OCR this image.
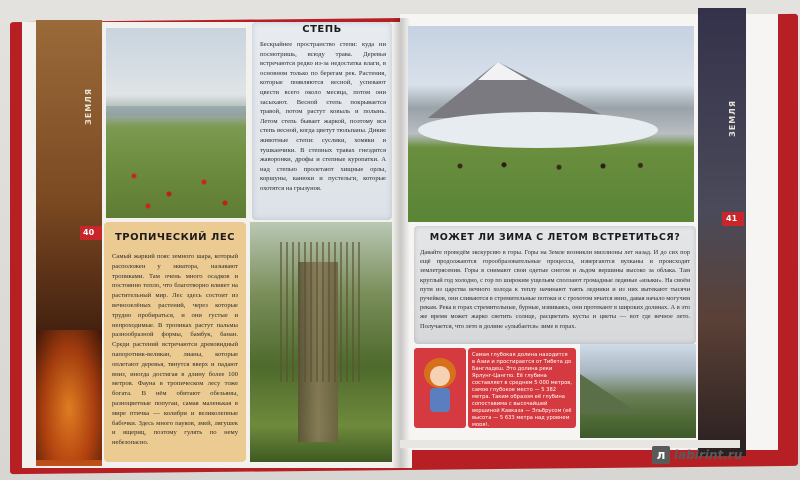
ЗЕМЛЯ
40
ЗЕМЛЯ
41
СТЕПЬ
Бескрайнее пространство степи: куда ни посмотришь, всюду трава. Деревья встречаются редко из-за недостатка влаги, в основном только по берегам рек. Растения, которые появляются весной, успевают цвести всего около месяца, потом они засыхают. Весной степь покрывается травой, потом растут ковыль и полынь. Летом степь бывает жаркой, поэтому вся степь весной, когда цветут тюльпаны. Дикие животные степи: суслики, хомяки и тушканчики. В степных травах гнездятся жаворонки, дрофы и степные куропатки. А над степью пролетают хищные орлы, коршуны, канюки и пустельги, которые охотятся на грызунов.
ТРОПИЧЕСКИЙ ЛЕС
Самый жаркий пояс земного шара, который расположен у экватора, называют тропиками. Там очень много осадков и постоянно тепло, что благотворно влияет на растительный мир. Лес здесь состоит из вечнозелёных растений, через которые трудно пробираться, и они густые и непроходимые. В тропиках растут пальмы разнообразной формы, бамбук, банан. Среди растений встречаются древовидный папоротник-великан, лианы, которые оплетают деревья, тянутся вверх и падают вниз, иногда достигая в длину более 100 метров. Фауна в тропическом лесу тоже богата. В нём обитают обезьяны, разноцветные попугаи, самая маленькая в мире птичка — колибри и великолепные бабочки. Здесь много пауков, змей, лягушек и ящериц, поэтому гулять по нему небезопасно.
МОЖЕТ ЛИ ЗИМА С ЛЕТОМ ВСТРЕТИТЬСЯ?
Давайте проведём экскурсию в горы. Горы на Земле возникли миллионы лет назад. И до сих пор ещё продолжаются горообразовательные процессы, извергаются вулканы и происходят землетрясения. Горы в снимают свои одетые снегом и льдом вершины высоко за облака. Там круглый год холодно, с гор по широким ущельям сползают громадные ледяные «языки». На своём пути из царства вечного холода к теплу начинают таять ледники и из них вытекают тысячи ручейков, они сливаются в стремительные потоки и с грохотом мчатся вниз, давая начало могучим рекам. Река в горах стремительные, бурные, извиваясь, они протекают в широких долинах. А в это же время может жарко светить солнце, расцветать кусты и цветы — вот где вечное лето. Получается, что лето в долине «улыбается» зиме в горах.
Самая глубокая долина находится в Азии и простирается от Тибета до Бангладеш. Это долина реки Ярлунг-Цангпо. Её глубина составляет в среднем 5 000 метров, самое глубокое место — 5 382 метра. Таким образом её глубина сопоставима с высочайшей вершиной Кавказа — Эльбрусом (её высота — 5 633 метра над уровнем моря).
л labirint.ru
